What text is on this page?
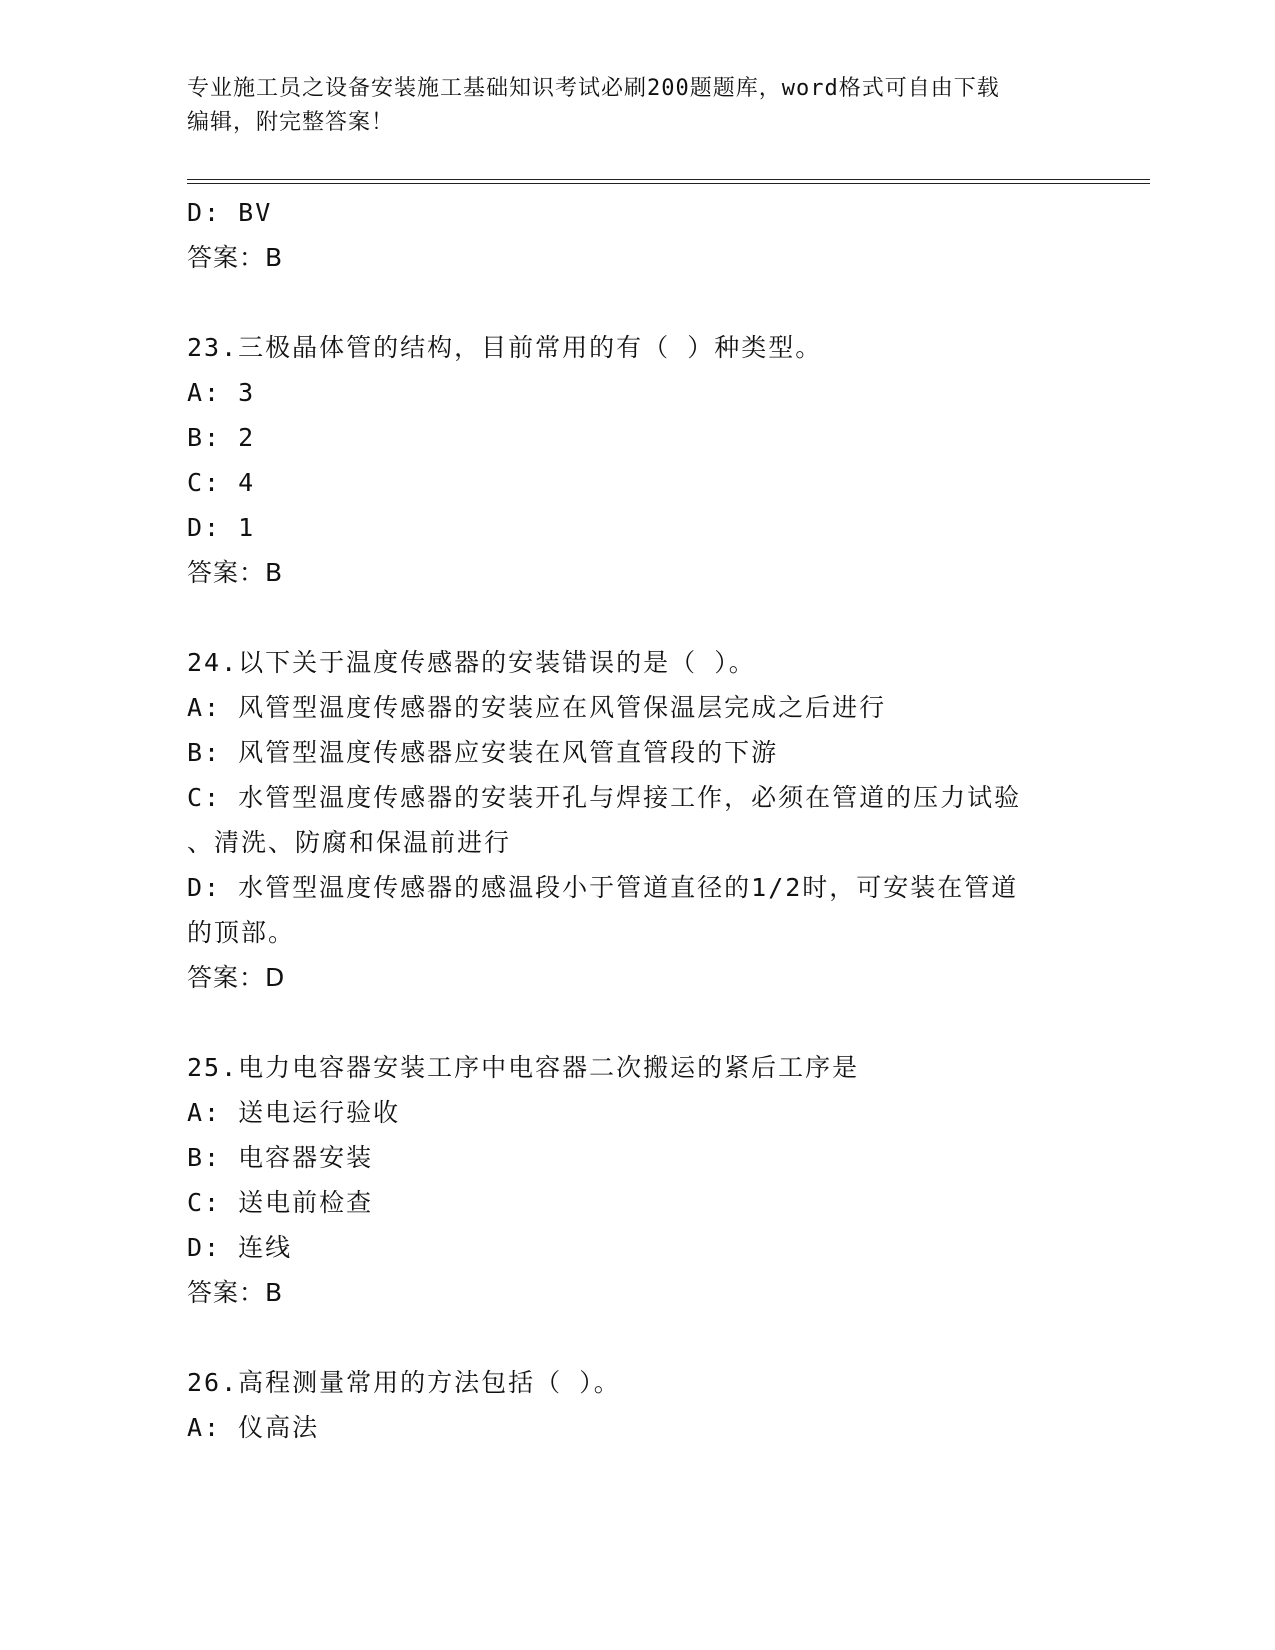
专业施工员之设备安装施工基础知识考试必刷200题题库，word格式可自由下载
编辑，附完整答案！
D: BV
答案：B
23.三极晶体管的结构，目前常用的有（ ）种类型。
A: 3
B: 2
C: 4
D: 1
答案：B
24.以下关于温度传感器的安装错误的是（ ）。
A: 风管型温度传感器的安装应在风管保温层完成之后进行
B: 风管型温度传感器应安装在风管直管段的下游
C: 水管型温度传感器的安装开孔与焊接工作，必须在管道的压力试验
、清洗、防腐和保温前进行
D: 水管型温度传感器的感温段小于管道直径的1/2时，可安装在管道
的顶部。
答案：D
25.电力电容器安装工序中电容器二次搬运的紧后工序是
A: 送电运行验收
B: 电容器安装
C: 送电前检查
D: 连线
答案：B
26.高程测量常用的方法包括（ ）。
A: 仪高法
